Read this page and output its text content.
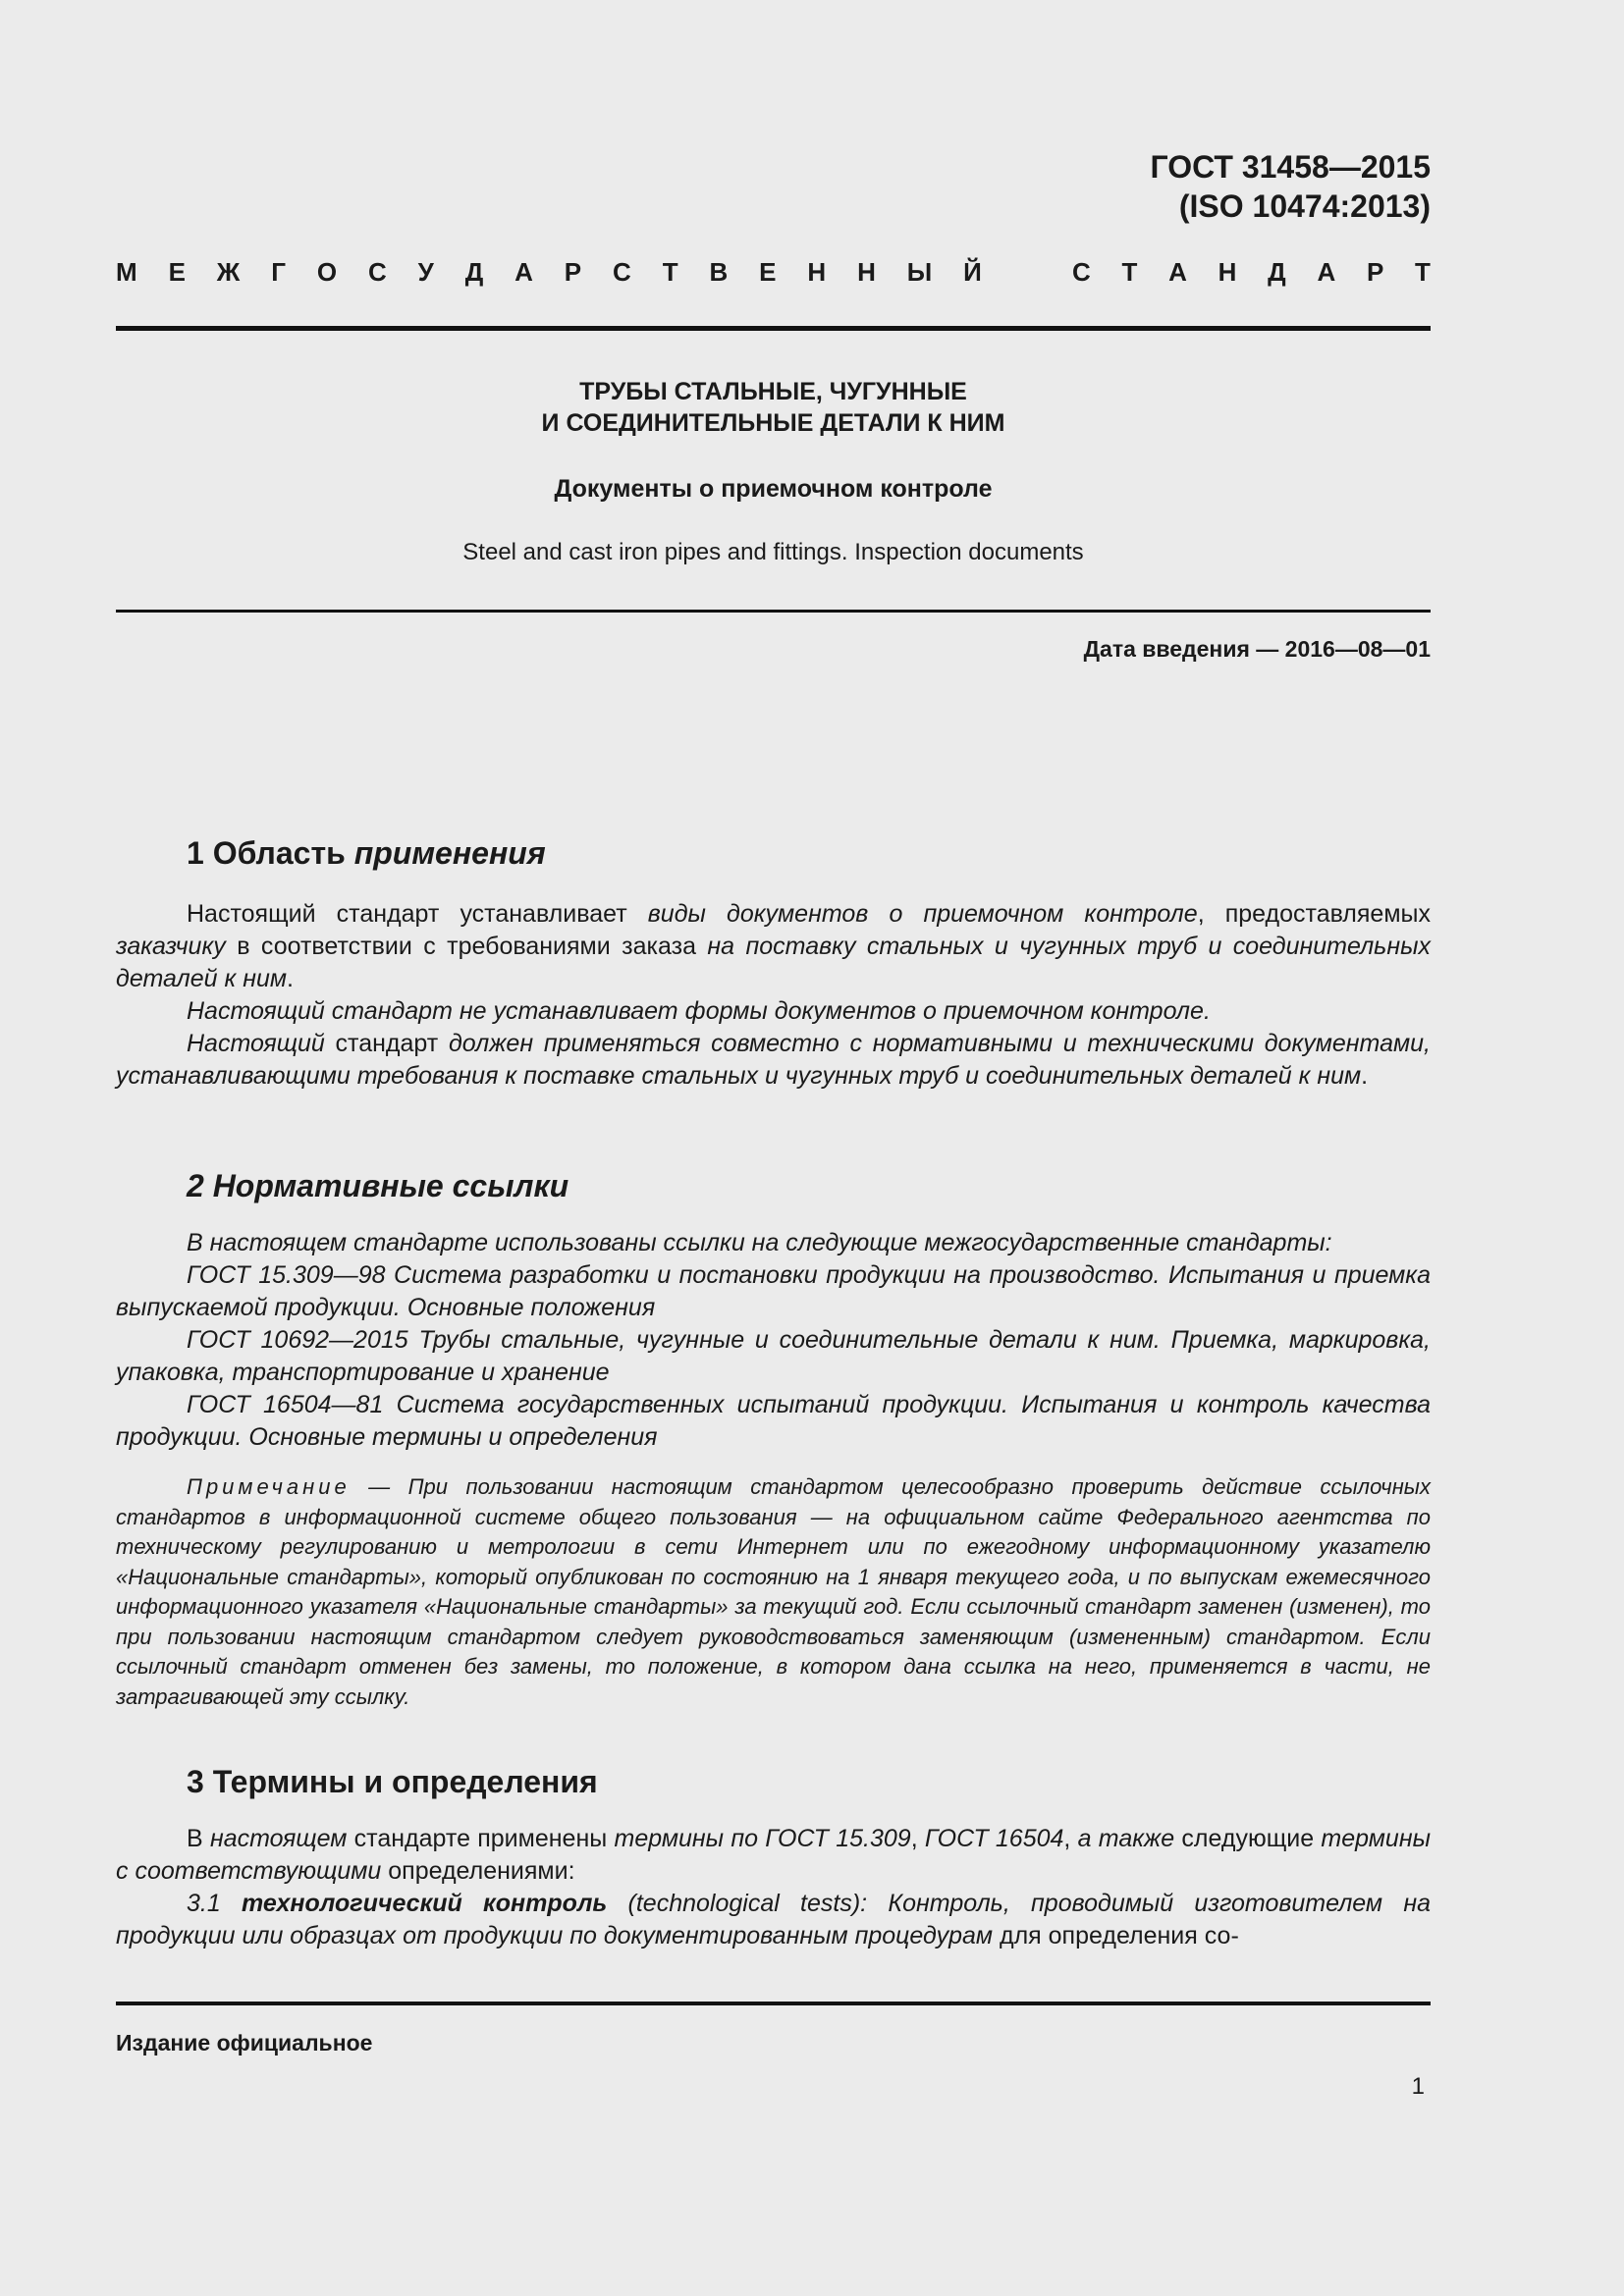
ГОСТ 31458—2015
(ISO 10474:2013)
М Е Ж Г О С У Д А Р С Т В Е Н Н Ы Й	С Т А Н Д А Р Т
ТРУБЫ СТАЛЬНЫЕ, ЧУГУННЫЕ
И СОЕДИНИТЕЛЬНЫЕ ДЕТАЛИ К НИМ
Документы о приемочном контроле
Steel and cast iron pipes and fittings. Inspection documents
Дата введения — 2016—08—01
1 Область применения

Настоящий стандарт устанавливает виды документов о приемочном контроле, предоставляемых заказчику в соответствии с требованиями заказа на поставку стальных и чугунных труб и соединительных деталей к ним.

Настоящий стандарт не устанавливает формы документов о приемочном контроле.

Настоящий стандарт должен применяться совместно с нормативными и техническими документами, устанавливающими требования к поставке стальных и чугунных труб и соединительных деталей к ним.

2 Нормативные ссылки

В настоящем стандарте использованы ссылки на следующие межгосударственные стандарты:

ГОСТ 15.309—98 Система разработки и постановки продукции на производство. Испытания и приемка выпускаемой продукции. Основные положения

ГОСТ 10692—2015 Трубы стальные, чугунные и соединительные детали к ним. Приемка, маркировка, упаковка, транспортирование и хранение

ГОСТ 16504—81 Система государственных испытаний продукции. Испытания и контроль качества продукции. Основные термины и определения

Примечание — При пользовании настоящим стандартом целесообразно проверить действие ссылочных стандартов в информационной системе общего пользования — на официальном сайте Федерального агентства по техническому регулированию и метрологии в сети Интернет или по ежегодному информационному указателю «Национальные стандарты», который опубликован по состоянию на 1 января текущего года, и по выпускам ежемесячного информационного указателя «Национальные стандарты» за текущий год. Если ссылочный стандарт заменен (изменен), то при пользовании настоящим стандартом следует руководствоваться заменяющим (измененным) стандартом. Если ссылочный стандарт отменен без замены, то положение, в котором дана ссылка на него, применяется в части, не затрагивающей эту ссылку.

3 Термины и определения

В настоящем стандарте применены термины по ГОСТ 15.309, ГОСТ 16504, а также следующие термины с соответствующими определениями:

3.1 технологический контроль (technological tests): Контроль, проводимый изготовителем на продукции или образцах от продукции по документированным процедурам для определения со-

Издание официальное
1
